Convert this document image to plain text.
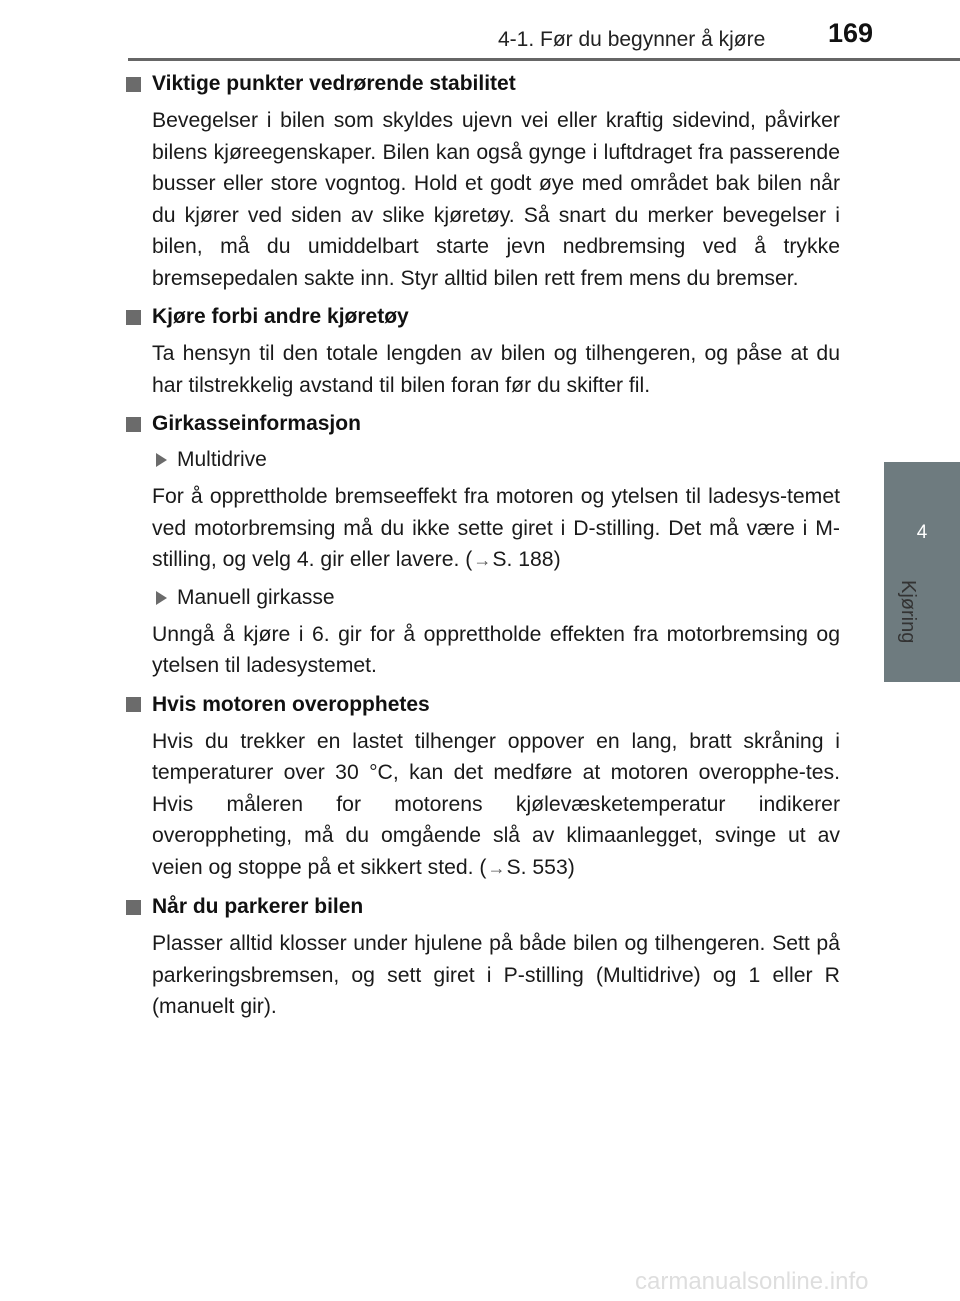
4-1. Før du begynner å kjøre 169
4
Kjøring
Viktige punkter vedrørende stabilitet
Bevegelser i bilen som skyldes ujevn vei eller kraftig sidevind, påvirker bilens kjøreegenskaper. Bilen kan også gynge i luftdraget fra passerende busser eller store vogntog. Hold et godt øye med området bak bilen når du kjører ved siden av slike kjøretøy. Så snart du merker bevegelser i bilen, må du umiddelbart starte jevn nedbremsing ved å trykke bremsepedalen sakte inn. Styr alltid bilen rett frem mens du bremser.
Kjøre forbi andre kjøretøy
Ta hensyn til den totale lengden av bilen og tilhengeren, og påse at du har tilstrekkelig avstand til bilen foran før du skifter fil.
Girkasseinformasjon
Multidrive
For å opprettholde bremseeffekt fra motoren og ytelsen til ladesys-temet ved motorbremsing må du ikke sette giret i D-stilling. Det må være i M-stilling, og velg 4. gir eller lavere. (→S. 188)
Manuell girkasse
Unngå å kjøre i 6. gir for å opprettholde effekten fra motorbremsing og ytelsen til ladesystemet.
Hvis motoren overopphetes
Hvis du trekker en lastet tilhenger oppover en lang, bratt skråning i temperaturer over 30 °C, kan det medføre at motoren overopphe-tes. Hvis måleren for motorens kjølevæsketemperatur indikerer overoppheting, må du omgående slå av klimaanlegget, svinge ut av veien og stoppe på et sikkert sted. (→S. 553)
Når du parkerer bilen
Plasser alltid klosser under hjulene på både bilen og tilhengeren. Sett på parkeringsbremsen, og sett giret i P-stilling (Multidrive) og 1 eller R (manuelt gir).
carmanualsonline.info
